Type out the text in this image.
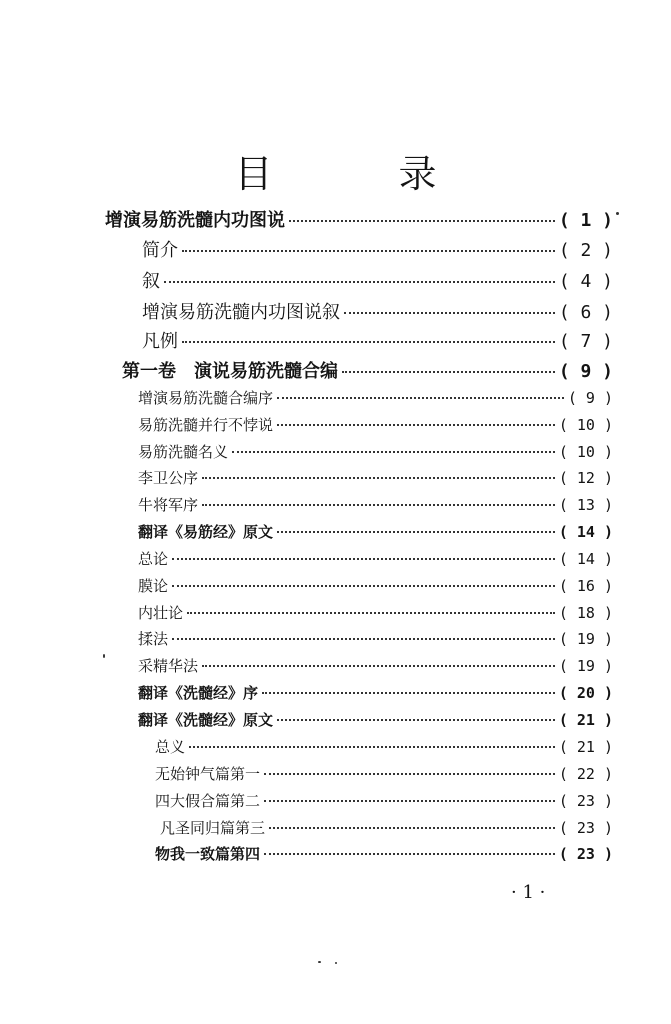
目　录
增演易筋洗髓内功图说	( 1 )
简介	( 2 )
叙	( 4 )
增演易筋洗髓内功图说叙	( 6 )
凡例	( 7 )
第一卷　演说易筋洗髓合编	( 9 )
增演易筋洗髓合编序	( 9 )
易筋洗髓并行不悖说	( 10 )
易筋洗髓名义	( 10 )
李卫公序	( 12 )
牛将军序	( 13 )
翻译《易筋经》原文	( 14 )
总论	( 14 )
膜论	( 16 )
内壮论	( 18 )
揉法	( 19 )
采精华法	( 19 )
翻译《洗髓经》序	( 20 )
翻译《洗髓经》原文	( 21 )
总义	( 21 )
无始钟气篇第一	( 22 )
四大假合篇第二	( 23 )
凡圣同归篇第三	( 23 )
物我一致篇第四	( 23 )
· 1 ·
